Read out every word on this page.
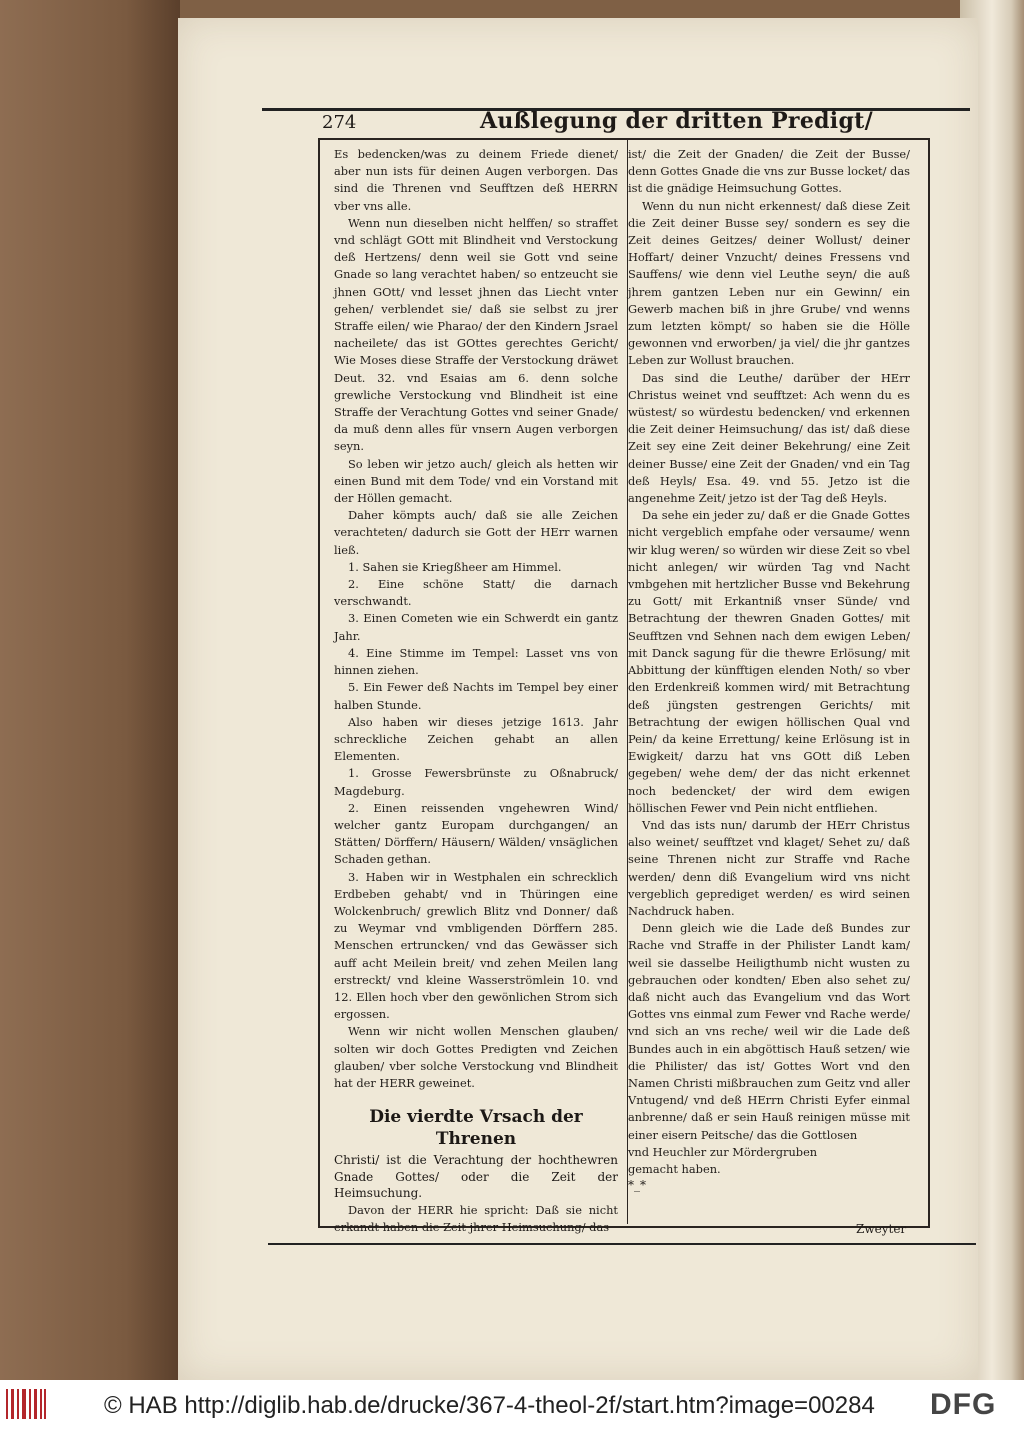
274	Außlegung der dritten Predigt/

Es bedencken/was zu deinem Friede dienet/ aber nun ists für deinen Augen verborgen. Das sind die Threnen vnd Seufftzen deß HERRN vber vns alle.

Wenn nun dieselben nicht helffen/ so straffet vnd schlägt GOtt mit Blindheit vnd Verstockung deß Hertzens/ denn weil sie Gott vnd seine Gnade so lang verachtet haben/ so entzeucht sie jhnen GOtt/ vnd lesset jhnen das Liecht vnter gehen/ verblendet sie/ daß sie selbst zu jrer Straffe eilen/ wie Pharao/ der den Kindern Jsrael nacheilete/ das ist GOttes gerechtes Gericht/ Wie Moses diese Straffe der Verstockung dräwet Deut. 32. vnd Esaias am 6. denn solche grewliche Verstockung vnd Blindheit ist eine Straffe der Verachtung Gottes vnd seiner Gnade/ da muß denn alles für vnsern Augen verborgen seyn.

So leben wir jetzo auch/ gleich als hetten wir einen Bund mit dem Tode/ vnd ein Vorstand mit der Höllen gemacht.

Daher kömpts auch/ daß sie alle Zeichen verachteten/ dadurch sie Gott der HErr warnen ließ.

1. Sahen sie Kriegßheer am Himmel.

2. Eine schöne Statt/ die darnach verschwandt.

3. Einen Cometen wie ein Schwerdt ein gantz Jahr.

4. Eine Stimme im Tempel: Lasset vns von hinnen ziehen.

5. Ein Fewer deß Nachts im Tempel bey einer halben Stunde.

Also haben wir dieses jetzige 1613. Jahr schreckliche Zeichen gehabt an allen Elementen.

1. Grosse Fewersbrünste zu Oßnabruck/ Magdeburg.

2. Einen reissenden vngehewren Wind/ welcher gantz Europam durchgangen/ an Stätten/ Dörffern/ Häusern/ Wälden/ vnsäglichen Schaden gethan.

3. Haben wir in Westphalen ein schrecklich Erdbeben gehabt/ vnd in Thüringen eine Wolckenbruch/ grewlich Blitz vnd Donner/ daß zu Weymar vnd vmbligenden Dörffern 285. Menschen ertruncken/ vnd das Gewässer sich auff acht Meilein breit/ vnd zehen Meilen lang erstreckt/ vnd kleine Wasserströmlein 10. vnd 12. Ellen hoch vber den gewönlichen Strom sich ergossen.

Wenn wir nicht wollen Menschen glauben/ solten wir doch Gottes Predigten vnd Zeichen glauben/ vber solche Verstockung vnd Blindheit hat der HERR geweinet.

Die vierdte Vrsach der Threnen

Christi/ ist die Verachtung der hochthewren Gnade Gottes/ oder die Zeit der Heimsuchung.

Davon der HERR hie spricht: Daß sie nicht erkandt haben die Zeit jhrer Heimsuchung/ das

ist/ die Zeit der Gnaden/ die Zeit der Busse/ denn Gottes Gnade die vns zur Busse locket/ das ist die gnädige Heimsuchung Gottes.

Wenn du nun nicht erkennest/ daß diese Zeit die Zeit deiner Busse sey/ sondern es sey die Zeit deines Geitzes/ deiner Wollust/ deiner Hoffart/ deiner Vnzucht/ deines Fressens vnd Sauffens/ wie denn viel Leuthe seyn/ die auß jhrem gantzen Leben nur ein Gewinn/ ein Gewerb machen biß in jhre Grube/ vnd wenns zum letzten kömpt/ so haben sie die Hölle gewonnen vnd erworben/ ja viel/ die jhr gantzes Leben zur Wollust brauchen.

Das sind die Leuthe/ darüber der HErr Christus weinet vnd seufftzet: Ach wenn du es wüstest/ so würdestu bedencken/ vnd erkennen die Zeit deiner Heimsuchung/ das ist/ daß diese Zeit sey eine Zeit deiner Bekehrung/ eine Zeit deiner Busse/ eine Zeit der Gnaden/ vnd ein Tag deß Heyls/ Esa. 49. vnd 55. Jetzo ist die angenehme Zeit/ jetzo ist der Tag deß Heyls.

Da sehe ein jeder zu/ daß er die Gnade Gottes nicht vergeblich empfahe oder versaume/ wenn wir klug weren/ so würden wir diese Zeit so vbel nicht anlegen/ wir würden Tag vnd Nacht vmbgehen mit hertzlicher Busse vnd Bekehrung zu Gott/ mit Erkantniß vnser Sünde/ vnd Betrachtung der thewren Gnaden Gottes/ mit Seufftzen vnd Sehnen nach dem ewigen Leben/ mit Danck sagung für die thewre Erlösung/ mit Abbittung der künfftigen elenden Noth/ so vber den Erdenkreiß kommen wird/ mit Betrachtung deß jüngsten gestrengen Gerichts/ mit Betrachtung der ewigen höllischen Qual vnd Pein/ da keine Errettung/ keine Erlösung ist in Ewigkeit/ darzu hat vns GOtt diß Leben gegeben/ wehe dem/ der das nicht erkennet noch bedencket/ der wird dem ewigen höllischen Fewer vnd Pein nicht entfliehen.

Vnd das ists nun/ darumb der HErr Christus also weinet/ seufftzet vnd klaget/ Sehet zu/ daß seine Threnen nicht zur Straffe vnd Rache werden/ denn diß Evangelium wird vns nicht vergeblich geprediget werden/ es wird seinen Nachdruck haben.

Denn gleich wie die Lade deß Bundes zur Rache vnd Straffe in der Philister Landt kam/ weil sie dasselbe Heiligthumb nicht wusten zu gebrauchen oder kondten/ Eben also sehet zu/ daß nicht auch das Evangelium vnd das Wort Gottes vns einmal zum Fewer vnd Rache werde/ vnd sich an vns reche/ weil wir die Lade deß Bundes auch in ein abgöttisch Hauß setzen/ wie die Philister/ das ist/ Gottes Wort vnd den Namen Christi mißbrauchen zum Geitz vnd aller Vntugend/ vnd deß HErrn Christi Eyfer einmal anbrenne/ daß er sein Hauß reinigen müsse mit einer eisern Peitsche/ das die Gottlosen

vnd Heuchler zur Mördergruben

gemacht haben.

*_*

Zweyter

© HAB http://diglib.hab.de/drucke/367-4-theol-2f/start.htm?image=00284 DFG
